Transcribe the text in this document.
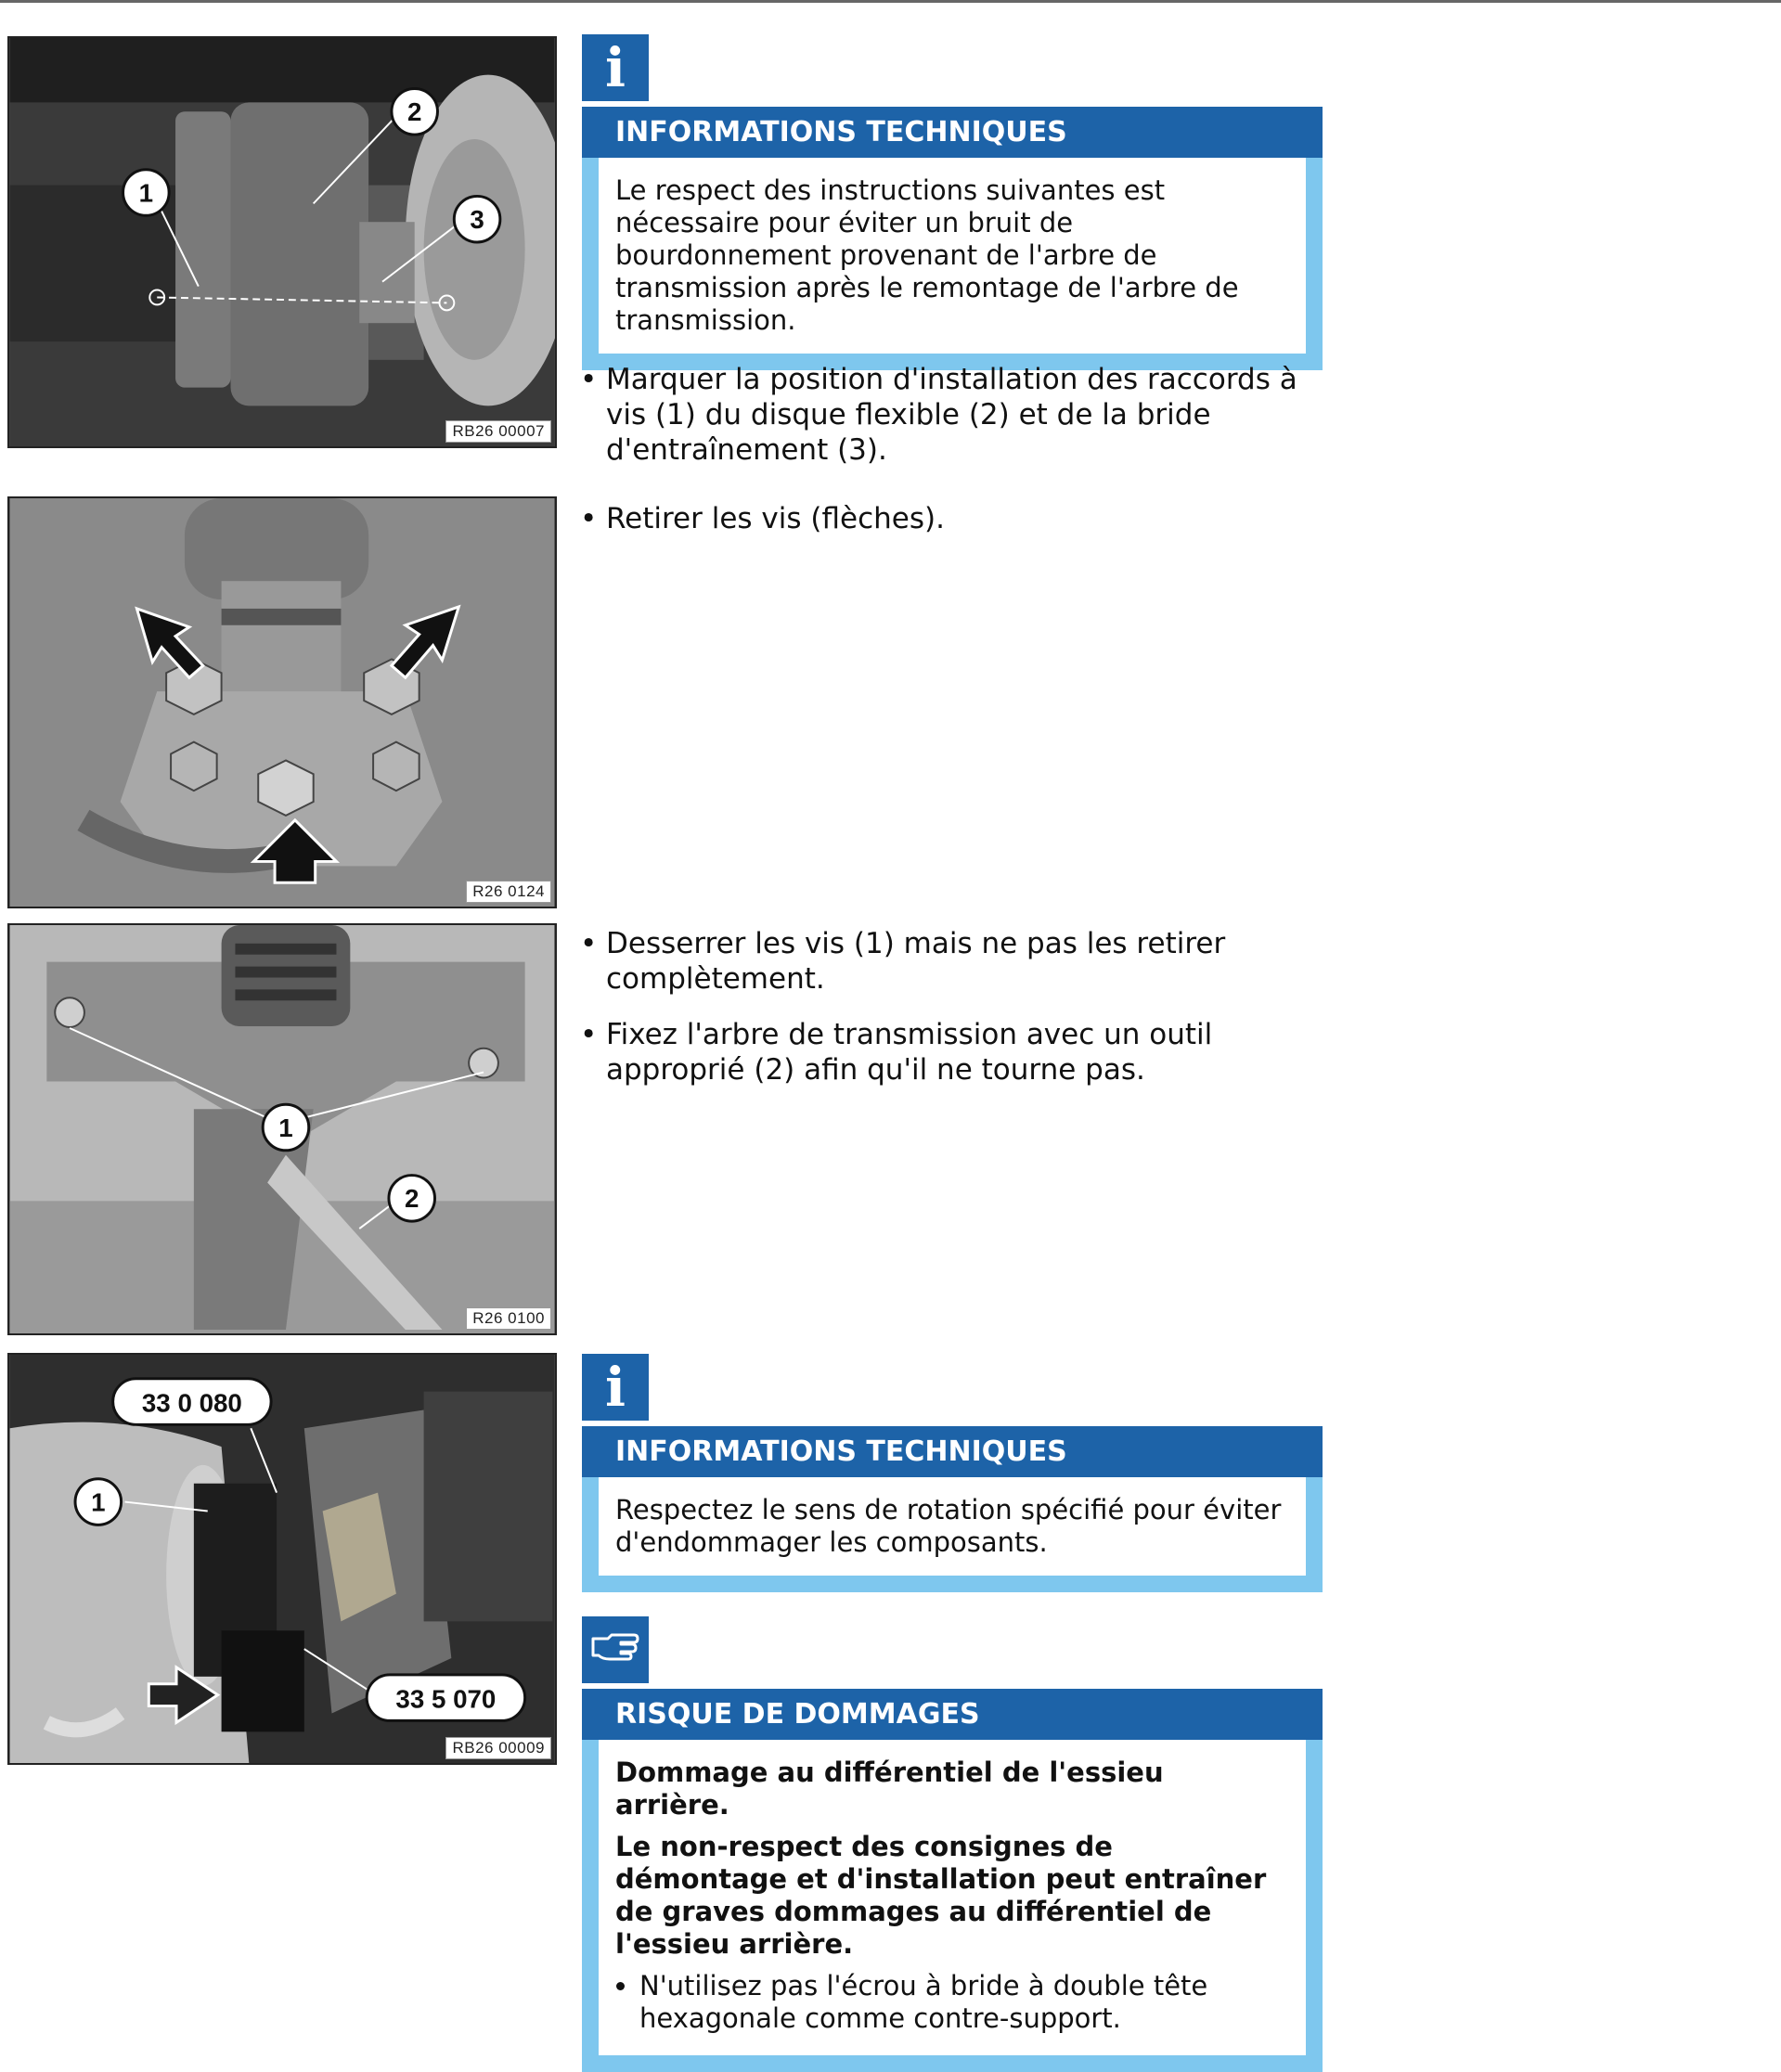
1
2
3
RB26 00007
R26 0124
1
2
R26 0100
1
33 0 080
33 5 070
RB26 00009
i
INFORMATIONS TECHNIQUES

Le respect des instructions suivantes est nécessaire pour éviter un bruit de bourdonnement provenant de l'arbre de transmission après le remontage de l'arbre de transmission.

• Marquer la position d'installation des raccords à vis (1) du disque flexible (2) et de la bride d'entraînement (3).
• Retirer les vis (flèches).
• Desserrer les vis (1) mais ne pas les retirer complètement.
• Fixez l'arbre de transmission avec un outil approprié (2) afin qu'il ne tourne pas.
i
INFORMATIONS TECHNIQUES

Respectez le sens de rotation spécifié pour éviter d'endommager les composants.

RISQUE DE DOMMAGES

Dommage au différentiel de l'essieu arrière.

Le non-respect des consignes de démontage et d'installation peut entraîner de graves dommages au différentiel de l'essieu arrière.

• N'utilisez pas l'écrou à bride à double tête hexagonale comme contre-support.
